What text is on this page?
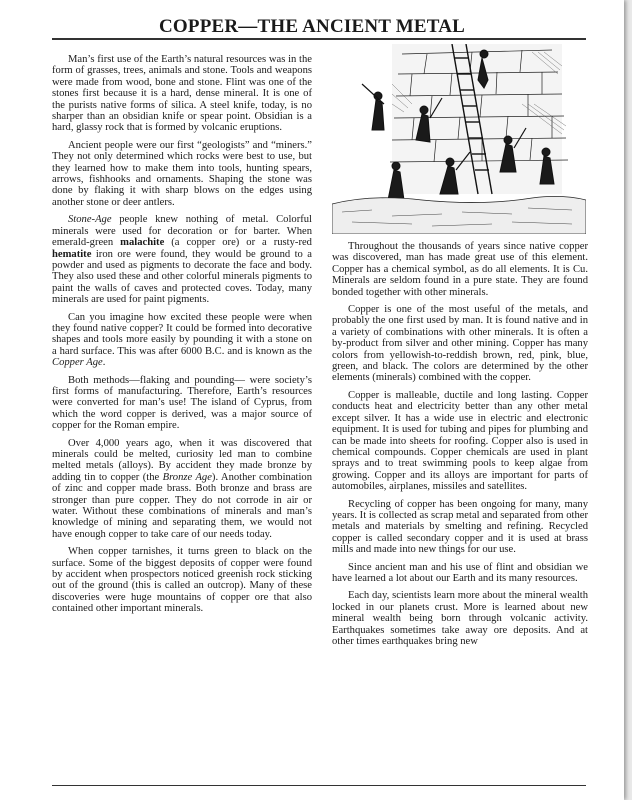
COPPER—THE ANCIENT METAL

Man’s first use of the Earth’s natural resources was in the form of grasses, trees, animals and stone. Tools and weapons were made from wood, bone and stone. Flint was one of the stones first because it is a hard, dense mineral. It is one of the purists native forms of silica. A steel knife, today, is no sharper than an obsidian knife or spear point. Obsidian is a hard, glassy rock that is formed by volcanic eruptions.

Ancient people were our first “geologists” and “miners.” They not only determined which rocks were best to use, but they learned how to make them into tools, hunting spears, arrows, fishhooks and ornaments. Shaping the stone was done by flaking it with sharp blows on the edges using another stone or deer antlers.

Stone-Age people knew nothing of metal. Colorful minerals were used for decoration or for barter. When emerald-green malachite (a copper ore) or a rusty-red hematite iron ore were found, they would be ground to a powder and used as pigments to decorate the face and body. They also used these and other colorful minerals pigments to paint the walls of caves and protected coves. Today, many minerals are used for paint pigments.

Can you imagine how excited these people were when they found native copper? It could be formed into decorative shapes and tools more easily by pounding it with a stone on a hard surface. This was after 6000 B.C. and is known as the Copper Age.

Both methods—flaking and pounding— were society’s first forms of manufacturing. Therefore, Earth’s resources were converted for man’s use! The island of Cyprus, from which the word copper is derived, was a major source of copper for the Roman empire.

Over 4,000 years ago, when it was discovered that minerals could be melted, curiosity led man to combine melted metals (alloys). By accident they made bronze by adding tin to copper (the Bronze Age). Another combination of zinc and copper made brass. Both bronze and brass are stronger than pure copper. They do not corrode in air or water. Without these combinations of minerals and man’s knowledge of mining and separating them, we would not have enough copper to take care of our needs today.

When copper tarnishes, it turns green to black on the surface. Some of the biggest deposits of copper were found by accident when prospectors noticed greenish rock sticking out of the ground (this is called an outcrop). Many of these discoveries were huge mountains of copper ore that also contained other important minerals.

Throughout the thousands of years since native copper was discovered, man has made great use of this element. Copper has a chemical symbol, as do all elements. It is Cu. Minerals are seldom found in a pure state. They are found bonded together with other minerals.

Copper is one of the most useful of the metals, and probably the one first used by man. It is found native and in a variety of combinations with other minerals. It is often a by-product from silver and other mining. Copper has many colors from yellowish-to-reddish brown, red, pink, blue, green, and black. The colors are determined by the other elements (minerals) combined with the copper.

Copper is malleable, ductile and long lasting. Copper conducts heat and electricity better than any other metal except silver. It has a wide use in electric and electronic equipment. It is used for tubing and pipes for plumbing and can be made into sheets for roofing. Copper also is used in chemical compounds. Copper chemicals are used in plant sprays and to treat swimming pools to keep algae from growing. Copper and its alloys are important for parts of automobiles, airplanes, missiles and satellites.

Recycling of copper has been ongoing for many, many years. It is collected as scrap metal and separated from other metals and materials by smelting and refining. Recycled copper is called secondary copper and it is used at brass mills and made into new things for our use.

Since ancient man and his use of flint and obsidian we have learned a lot about our Earth and its many resources.

Each day, scientists learn more about the mineral wealth locked in our planets crust. More is learned about new mineral wealth being born through volcanic activity. Earthquakes sometimes take away ore deposits. And at other times earthquakes bring new
